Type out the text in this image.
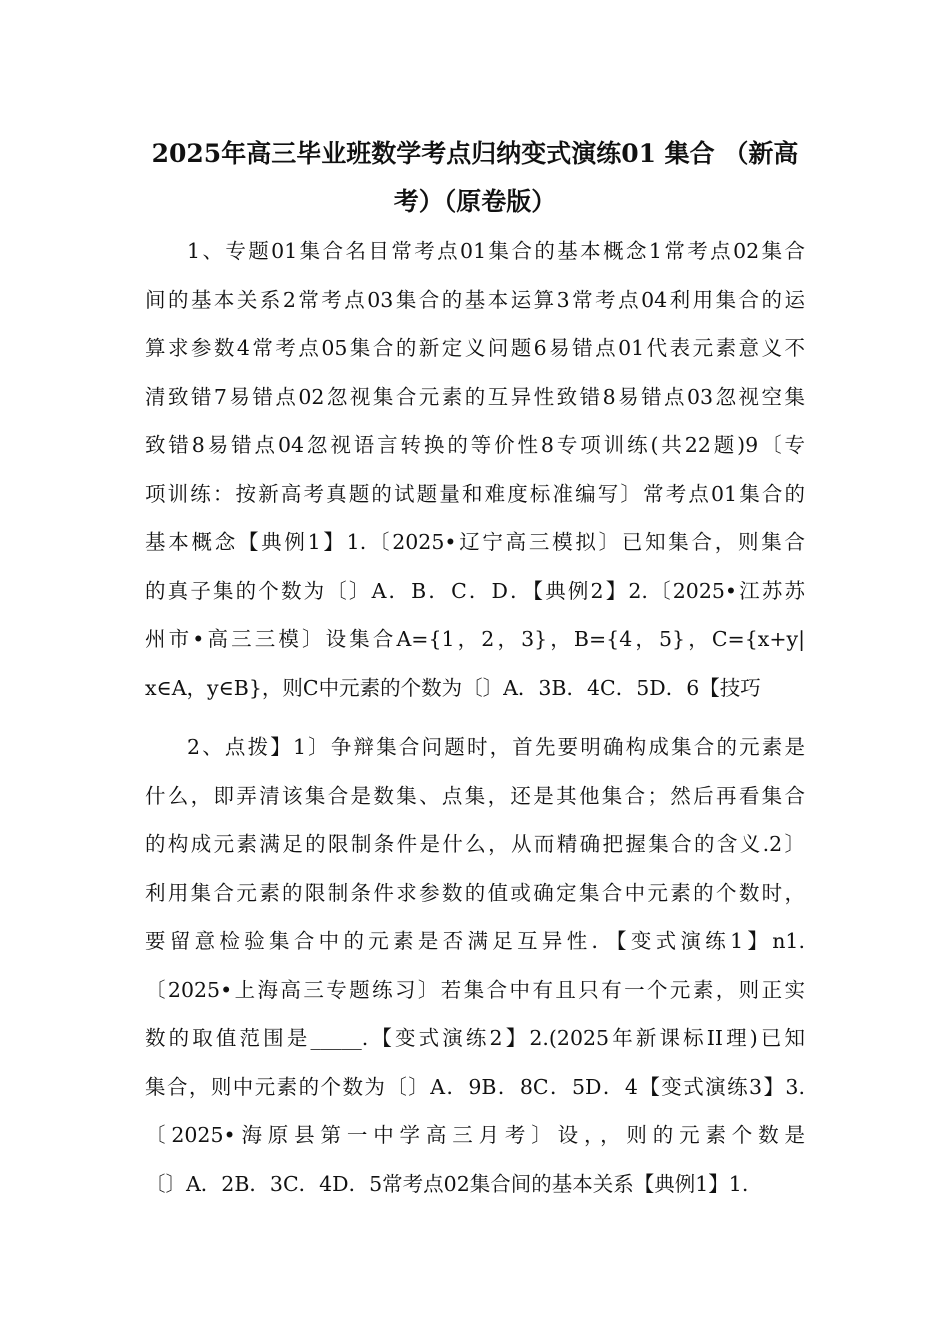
2025年高三毕业班数学考点归纳变式演练01 集合 （新高
考）（原卷版）
1、专题01集合名目常考点01集合的基本概念1常考点02集合
间的基本关系2常考点03集合的基本运算3常考点04利用集合的运
算求参数4常考点05集合的新定义问题6易错点01代表元素意义不
清致错7易错点02忽视集合元素的互异性致错8易错点03忽视空集
致错8易错点04忽视语言转换的等价性8专项训练(共22题)9〔专
项训练：按新高考真题的试题量和难度标准编写〕常考点01集合的
基本概念【典例1】1.〔2025•辽宁高三模拟〕已知集合，则集合
的真子集的个数为〔〕A．B．C．D．【典例2】2.〔2025•江苏苏
州市•高三三模〕设集合A={1，2，3}，B={4，5}，C={x+y|
x∈A，y∈B}，则C中元素的个数为〔〕A．3B．4C．5D．6【技巧
2、点拨】1〕争辩集合问题时，首先要明确构成集合的元素是
什么，即弄清该集合是数集、点集，还是其他集合；然后再看集合
的构成元素满足的限制条件是什么，从而精确把握集合的含义.2〕
利用集合元素的限制条件求参数的值或确定集合中元素的个数时，
要留意检验集合中的元素是否满足互异性．【变式演练1】n1.
〔2025•上海高三专题练习〕若集合中有且只有一个元素，则正实
数的取值范围是_____.【变式演练2】2.(2025年新课标II理)已知
集合，则中元素的个数为〔〕A．9B．8C．5D．4【变式演练3】3.
〔2025•海原县第一中学高三月考〕设，，则的元素个数是
〔〕A．2B．3C．4D．5常考点02集合间的基本关系【典例1】1.
